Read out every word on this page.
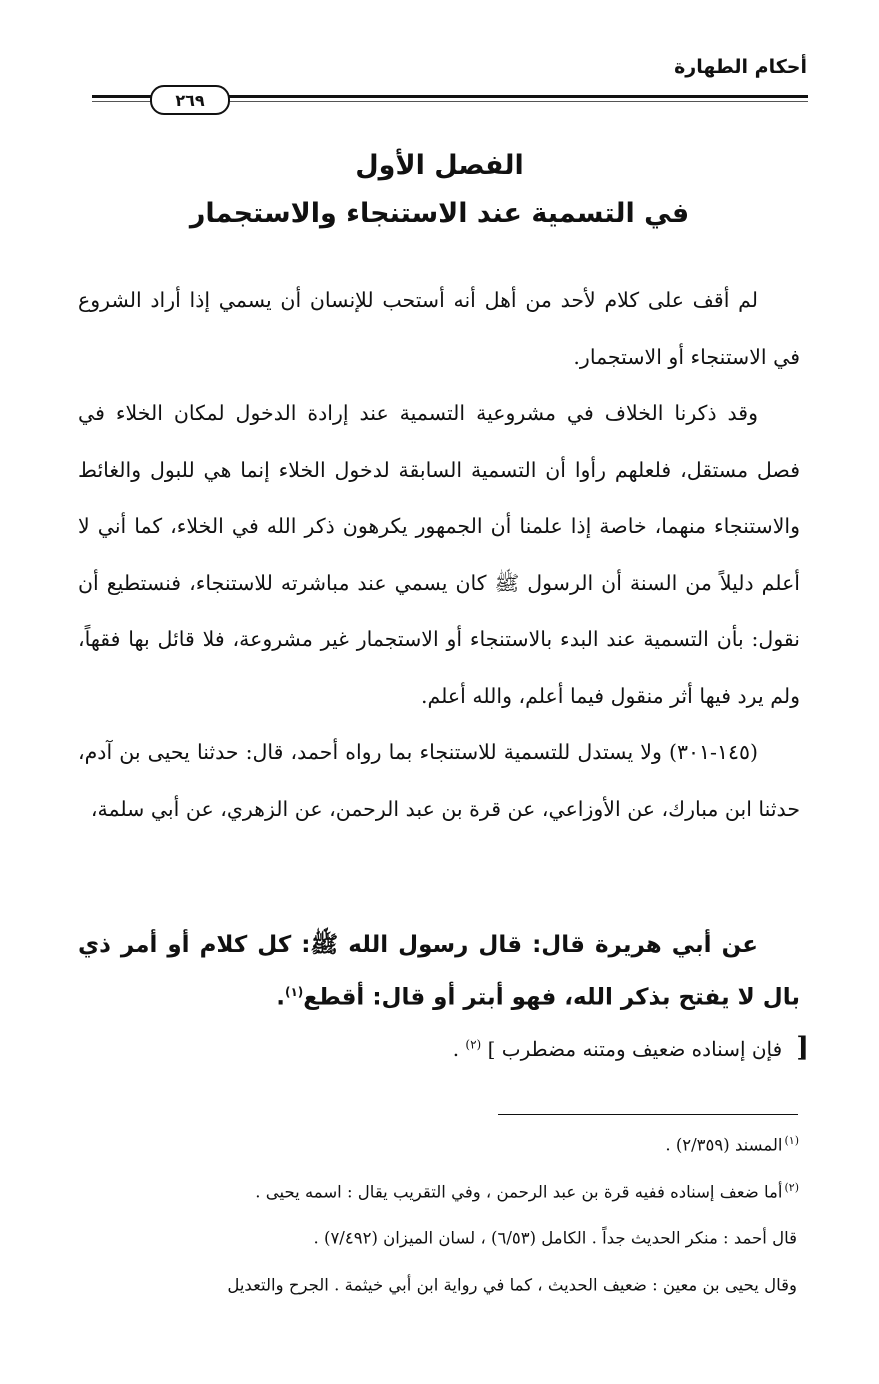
أحكام الطهارة
٢٦٩
الفصل الأول
في التسمية عند الاستنجاء والاستجمار

لم أقف على كلام لأحد من أهل أنه أستحب للإنسان أن يسمي إذا أراد الشروع في الاستنجاء أو الاستجمار.

وقد ذكرنا الخلاف في مشروعية التسمية عند إرادة الدخول لمكان الخلاء في فصل مستقل، فلعلهم رأوا أن التسمية السابقة لدخول الخلاء إنما هي للبول والغائط والاستنجاء منهما، خاصة إذا علمنا أن الجمهور يكرهون ذكر الله في الخلاء، كما أني لا أعلم دليلاً من السنة أن الرسول ﷺ كان يسمي عند مباشرته للاستنجاء، فنستطيع أن نقول: بأن التسمية عند البدء بالاستنجاء أو الاستجمار غير مشروعة، فلا قائل بها فقهاً، ولم يرد فيها أثر منقول فيما أعلم، والله أعلم.

(١٤٥-٣٠١) ولا يستدل للتسمية للاستنجاء بما رواه أحمد، قال: حدثنا يحيى بن آدم، حدثنا ابن مبارك، عن الأوزاعي، عن قرة بن عبد الرحمن، عن الزهري، عن أبي سلمة،

عن أبي هريرة قال: قال رسول الله ﷺ: كل كلام أو أمر ذي بال لا يفتح بذكر الله، فهو أبتر أو قال: أقطع$^{(١)}$.

[فإن إسناده ضعيف ومتنه مضطرب ] $^{(٢)}$ .

$^{(١)}$المسند (٢/٣٥٩) .

$^{(٢)}$أما ضعف إسناده ففيه قرة بن عبد الرحمن ، وفي التقريب يقال : اسمه يحيى .

قال أحمد : منكر الحديث جداً . الكامل (٦/٥٣) ، لسان الميزان (٧/٤٩٢) .

وقال يحيى بن معين : ضعيف الحديث ، كما في رواية ابن أبي خيثمة . الجرح والتعديل
